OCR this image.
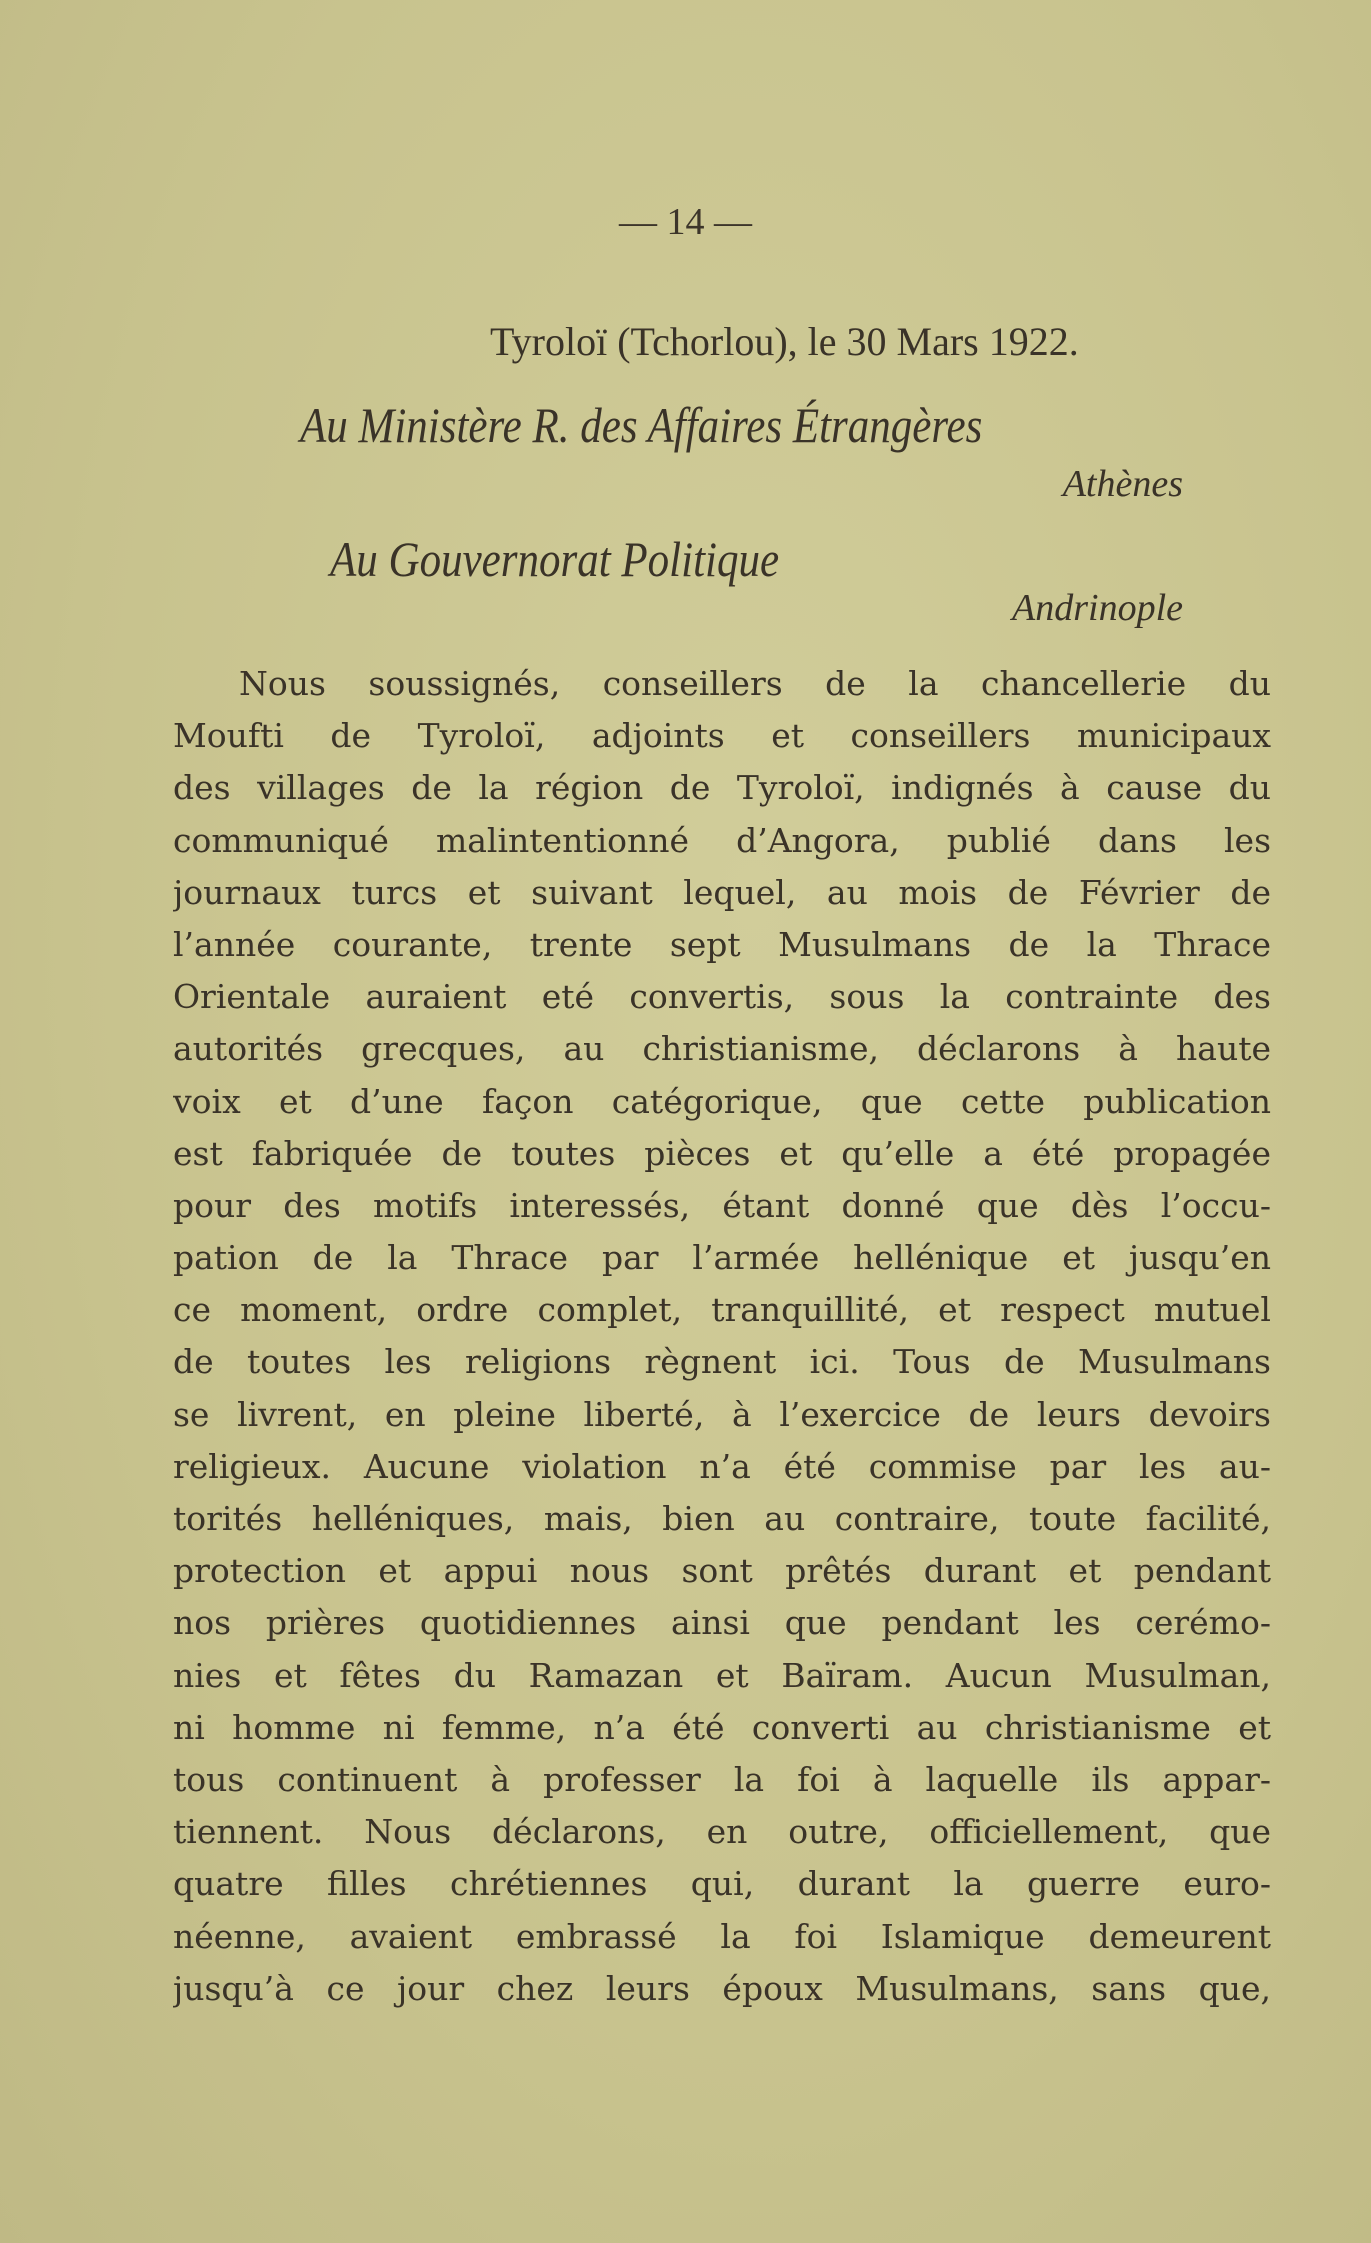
— 14 —
Tyroloï (Tchorlou), le 30 Mars 1922.
Au Ministère R. des Affaires Étrangères
Athènes
Au Gouvernorat Politique
Andrinople
Nous soussignés, conseillers de la chancellerie du
Moufti de Tyroloï, adjoints et conseillers municipaux
des villages de la région de Tyroloï, indignés à cause du
communiqué malintentionné d’Angora, publié dans les
journaux turcs et suivant lequel, au mois de Février de
l’année courante, trente sept Musulmans de la Thrace
Orientale auraient eté convertis, sous la contrainte des
autorités grecques, au christianisme, déclarons à haute
voix et d’une façon catégorique, que cette publication
est fabriquée de toutes pièces et qu’elle a été propagée
pour des motifs interessés, étant donné que dès l’occu-
pation de la Thrace par l’armée hellénique et jusqu’en
ce moment, ordre complet, tranquillité, et respect mutuel
de toutes les religions règnent ici. Tous de Musulmans
se livrent, en pleine liberté, à l’exercice de leurs devoirs
religieux. Aucune violation n’a été commise par les au-
torités helléniques, mais, bien au contraire, toute facilité,
protection et appui nous sont prêtés durant et pendant
nos prières quotidiennes ainsi que pendant les cerémo-
nies et fêtes du Ramazan et Baïram. Aucun Musulman,
ni homme ni femme, n’a été converti au christianisme et
tous continuent à professer la foi à laquelle ils appar-
tiennent. Nous déclarons, en outre, officiellement, que
quatre filles chrétiennes qui, durant la guerre euro-
néenne, avaient embrassé la foi Islamique demeurent
jusqu’à ce jour chez leurs époux Musulmans, sans que,
